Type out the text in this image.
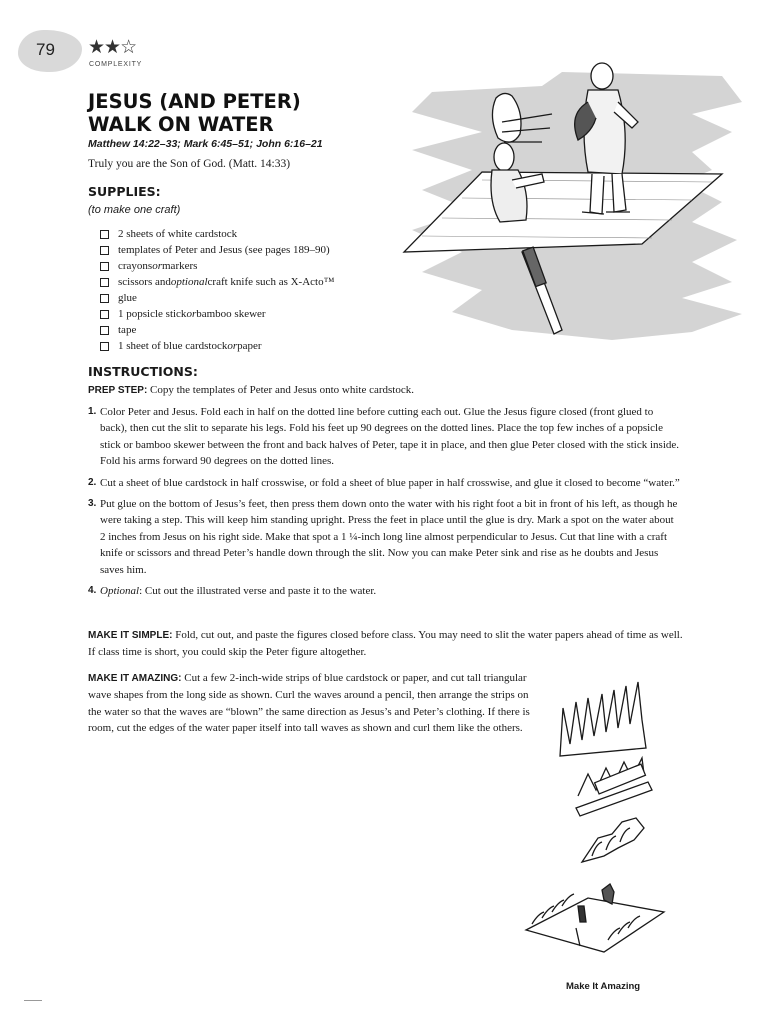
79 ★★☆
COMPLEXITY
JESUS (AND PETER)
WALK ON WATER
Matthew 14:22–33; Mark 6:45–51; John 6:16–21
Truly you are the Son of God. (Matt. 14:33)
SUPPLIES:
(to make one craft)
2 sheets of white cardstock
templates of Peter and Jesus (see pages 189–90)
crayons or markers
scissors and optional craft knife such as X-Acto™
glue
1 popsicle stick or bamboo skewer
tape
1 sheet of blue cardstock or paper
INSTRUCTIONS:
PREP STEP: Copy the templates of Peter and Jesus onto white cardstock.
1. Color Peter and Jesus. Fold each in half on the dotted line before cutting each out. Glue the Jesus figure closed (front glued to back), then cut the slit to separate his legs. Fold his feet up 90 degrees on the dotted lines. Place the top few inches of a popsicle stick or bamboo skewer between the front and back halves of Peter, tape it in place, and then glue Peter closed with the stick inside. Fold his arms forward 90 degrees on the dotted lines.
2. Cut a sheet of blue cardstock in half crosswise, or fold a sheet of blue paper in half crosswise, and glue it closed to become “water.”
3. Put glue on the bottom of Jesus’s feet, then press them down onto the water with his right foot a bit in front of his left, as though he were taking a step. This will keep him standing upright. Press the feet in place until the glue is dry. Mark a spot on the water about 2 inches from Jesus on his right side. Make that spot a 1 ¼-inch long line almost perpendicular to Jesus. Cut that line with a craft knife or scissors and thread Peter’s handle down through the slit. Now you can make Peter sink and rise as he doubts and Jesus saves him.
4. Optional: Cut out the illustrated verse and paste it to the water.
MAKE IT SIMPLE: Fold, cut out, and paste the figures closed before class. You may need to slit the water papers ahead of time as well. If class time is short, you could skip the Peter figure altogether.
MAKE IT AMAZING: Cut a few 2-inch-wide strips of blue cardstock or paper, and cut tall triangular wave shapes from the long side as shown. Curl the waves around a pencil, then arrange the strips on the water so that the waves are “blown” the same direction as Jesus’s and Peter’s clothing. If there is room, cut the edges of the water paper itself into tall waves as shown and curl them like the others.
Make It Amazing
